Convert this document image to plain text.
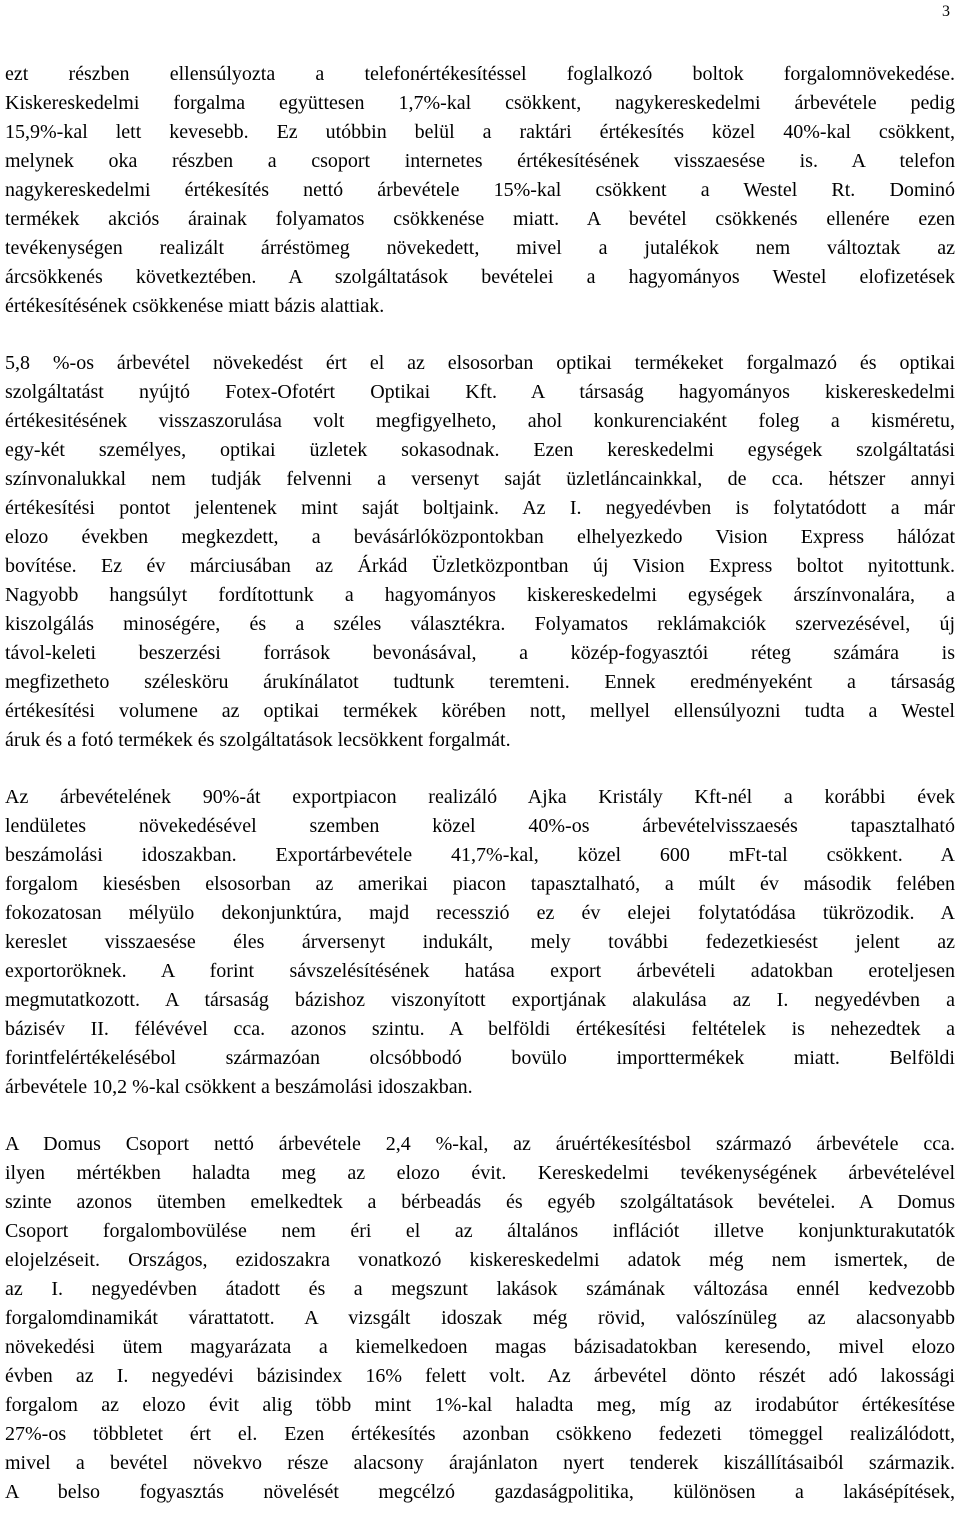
3
ezt részben ellensúlyozta a telefonértékesítéssel foglalkozó boltok forgalomnövekedése.
Kiskereskedelmi forgalma együttesen 1,7%-kal csökkent, nagykereskedelmi árbevétele pedig
15,9%-kal lett kevesebb. Ez utóbbin belül a raktári értékesítés közel 40%-kal csökkent,
melynek oka részben a csoport internetes értékesítésének visszaesése is. A telefon
nagykereskedelmi értékesítés nettó árbevétele 15%-kal csökkent a Westel Rt. Dominó
termékek akciós árainak folyamatos csökkenése miatt. A bevétel csökkenés ellenére ezen
tevékenységen realizált árréstömeg növekedett, mivel a jutalékok nem változtak az
árcsökkenés következtében. A szolgáltatások bevételei a hagyományos Westel elofizetések
értékesítésének csökkenése miatt bázis alattiak.
5,8 %-os árbevétel növekedést ért el az elsosorban optikai termékeket forgalmazó és optikai
szolgáltatást nyújtó Fotex-Ofotért Optikai Kft. A társaság hagyományos kiskereskedelmi
értékesitésének visszaszorulása volt megfigyelheto, ahol konkurenciaként foleg a kisméretu,
egy-két személyes, optikai üzletek sokasodnak. Ezen kereskedelmi egységek szolgáltatási
színvonalukkal nem tudják felvenni a versenyt saját üzletláncainkkal, de cca. hétszer annyi
értékesítési pontot jelentenek mint saját boltjaink. Az I. negyedévben is folytatódott a már
elozo években megkezdett, a bevásárlóközpontokban elhelyezkedo Vision Express hálózat
bovítése. Ez év márciusában az Árkád Üzletközpontban új Vision Express boltot nyitottunk.
Nagyobb hangsúlyt fordítottunk a hagyományos kiskereskedelmi egységek árszínvonalára, a
kiszolgálás minoségére, és a széles választékra. Folyamatos reklámakciók szervezésével, új
távol-keleti beszerzési források bevonásával, a közép-fogyasztói réteg számára is
megfizetheto szélesköru árukínálatot tudtunk teremteni. Ennek eredményeként a társaság
értékesítési volumene az optikai termékek körében nott, mellyel ellensúlyozni tudta a Westel
áruk és a fotó termékek és szolgáltatások lecsökkent forgalmát.
Az árbevételének 90%-át exportpiacon realizáló Ajka Kristály Kft-nél a korábbi évek
lendületes növekedésével szemben közel 40%-os árbevételvisszaesés tapasztalható
beszámolási idoszakban. Exportárbevétele 41,7%-kal, közel 600 mFt-tal csökkent. A
forgalom kiesésben elsosorban az amerikai piacon tapasztalható, a múlt év második felében
fokozatosan mélyülo dekonjunktúra, majd recesszió ez év elejei folytatódása tükrözodik. A
kereslet visszaesése éles árversenyt indukált, mely további fedezetkiesést jelent az
exportoröknek. A forint sávszelésítésének hatása export árbevételi adatokban eroteljesen
megmutatkozott. A társaság bázishoz viszonyított exportjának alakulása az I. negyedévben a
bázisév II. félévével cca. azonos szintu. A belföldi értékesítési feltételek is nehezedtek a
forintfelértékelésébol származóan olcsóbbodó bovülo importtermékek miatt. Belföldi
árbevétele 10,2 %-kal csökkent a beszámolási idoszakban.
A Domus Csoport nettó árbevétele 2,4 %-kal, az áruértékesítésbol származó árbevétele cca.
ilyen mértékben haladta meg az elozo évit. Kereskedelmi tevékenységének árbevételével
szinte azonos ütemben emelkedtek a bérbeadás és egyéb szolgáltatások bevételei. A Domus
Csoport forgalombovülése nem éri el az általános inflációt illetve konjunkturakutatók
elojelzéseit. Országos, ezidoszakra vonatkozó kiskereskedelmi adatok még nem ismertek, de
az I. negyedévben átadott és a megszunt lakások számának változása ennél kedvezobb
forgalomdinamikát várattatott. A vizsgált idoszak még rövid, valószínüleg az alacsonyabb
növekedési ütem magyarázata a kiemelkedoen magas bázisadatokban keresendo, mivel elozo
évben az I. negyedévi bázisindex 16% felett volt. Az árbevétel dönto részét adó lakossági
forgalom az elozo évit alig több mint 1%-kal haladta meg, míg az irodabútor értékesítése
27%-os többletet ért el. Ezen értékesítés azonban csökkeno fedezeti tömeggel realizálódott,
mivel a bevétel növekvo része alacsony árajánlaton nyert tenderek kiszállításaiból származik.
A belso fogyasztás növelését megcélzó gazdaságpolitika, különösen a lakásépítések,
